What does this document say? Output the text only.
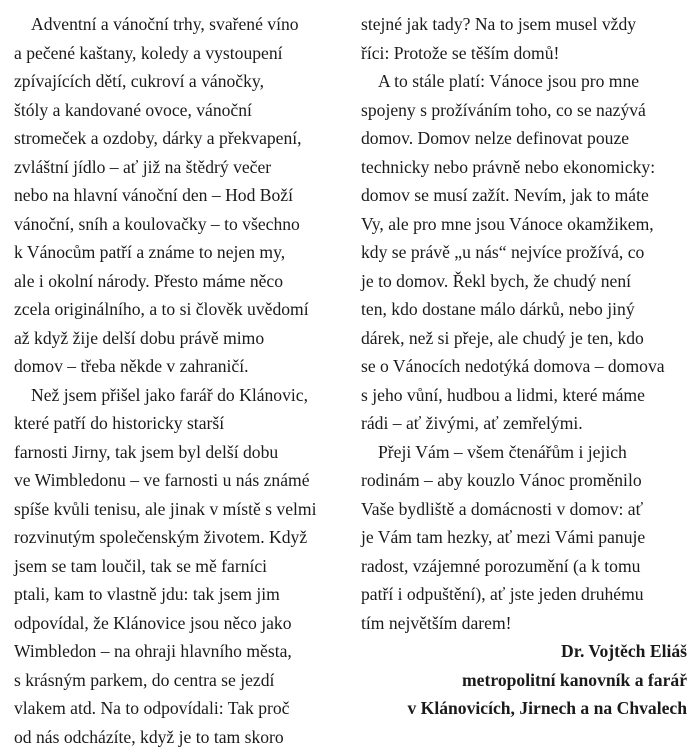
Adventní a vánoční trhy, svařené víno
a pečené kaštany, koledy a vystoupení
zpívajících dětí, cukroví a vánočky,
štóly a kandované ovoce, vánoční
stromeček a ozdoby, dárky a překvapení,
zvláštní jídlo – ať již na štědrý večer
nebo na hlavní vánoční den – Hod Boží
vánoční, sníh a koulovačky – to všechno
k Vánocům patří a známe to nejen my,
ale i okolní národy. Přesto máme něco
zcela originálního, a to si člověk uvědomí
až když žije delší dobu právě mimo
domov – třeba někde v zahraničí.
Než jsem přišel jako farář do Klánovic,
které patří do historicky starší
farnosti Jirny, tak jsem byl delší dobu
ve Wimbledonu – ve farnosti u nás známé
spíše kvůli tenisu, ale jinak v místě s velmi
rozvinutým společenským životem. Když
jsem se tam loučil, tak se mě farníci
ptali, kam to vlastně jdu: tak jsem jim
odpovídal, že Klánovice jsou něco jako
Wimbledon – na ohraji hlavního města,
s krásným parkem, do centra se jezdí
vlakem atd. Na to odpovídali: Tak proč
od nás odcházíte, když je to tam skoro
stejné jak tady? Na to jsem musel vždy
říci: Protože se těším domů!
A to stále platí: Vánoce jsou pro mne
spojeny s prožíváním toho, co se nazývá
domov. Domov nelze definovat pouze
technicky nebo právně nebo ekonomicky:
domov se musí zažít. Nevím, jak to máte
Vy, ale pro mne jsou Vánoce okamžikem,
kdy se právě „u nás“ nejvíce prožívá, co
je to domov. Řekl bych, že chudý není
ten, kdo dostane málo dárků, nebo jiný
dárek, než si přeje, ale chudý je ten, kdo
se o Vánocích nedotýká domova – domova
s jeho vůní, hudbou a lidmi, které máme
rádi – ať živými, ať zemřelými.
Přeji Vám – všem čtenářům i jejich
rodinám – aby kouzlo Vánoc proměnilo
Vaše bydliště a domácnosti v domov: ať
je Vám tam hezky, ať mezi Vámi panuje
radost, vzájemné porozumění (a k tomu
patří i odpuštění), ať jste jeden druhému
tím největším darem!
Dr. Vojtěch Eliáš
metropolitní kanovník a farář
v Klánovicích, Jirnech a na Chvalech
